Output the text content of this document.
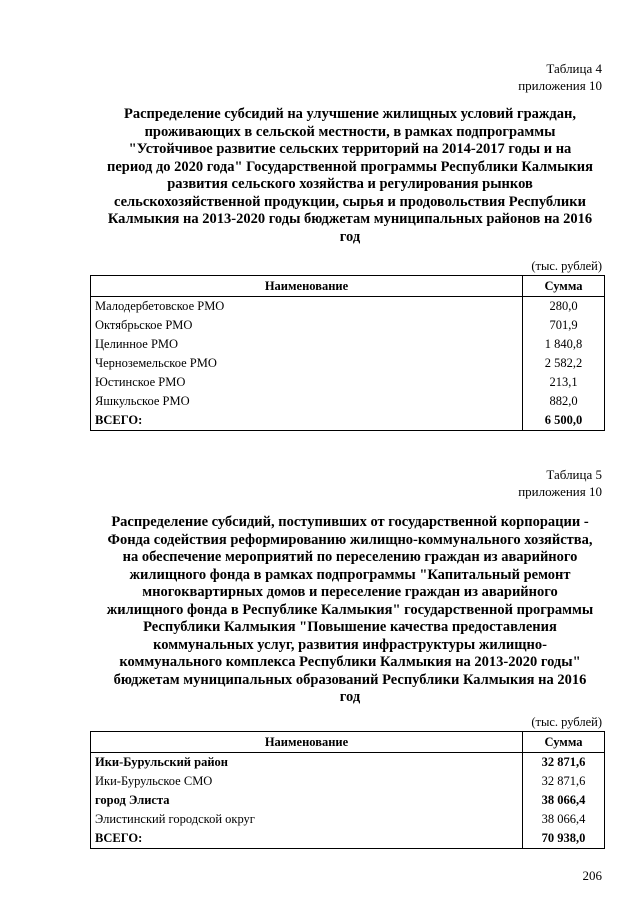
Таблица 4
приложения 10
Распределение субсидий на улучшение жилищных условий граждан,
проживающих в сельской местности, в рамках подпрограммы
"Устойчивое развитие сельских территорий на 2014-2017 годы и на
период до 2020 года" Государственной программы Республики Калмыкия
развития сельского хозяйства и регулирования рынков
сельскохозяйственной продукции, сырья и продовольствия Республики
Калмыкия на 2013-2020 годы бюджетам муниципальных районов на 2016
год
(тыс. рублей)
Наименование	Сумма
Малодербетовское РМО	280,0
Октябрьское РМО	701,9
Целинное РМО	1 840,8
Черноземельское РМО	2 582,2
Юстинское РМО	213,1
Яшкульское РМО	882,0
ВСЕГО:	6 500,0
Таблица 5
приложения 10
Распределение субсидий, поступивших от государственной корпорации -
Фонда содействия реформированию жилищно-коммунального хозяйства,
на обеспечение мероприятий по переселению граждан из аварийного
жилищного фонда в рамках подпрограммы "Капитальный ремонт
многоквартирных домов и переселение граждан из аварийного
жилищного фонда в Республике Калмыкия" государственной программы
Республики Калмыкия "Повышение качества предоставления
коммунальных услуг, развития инфраструктуры жилищно-
коммунального комплекса Республики Калмыкия на 2013-2020 годы"
бюджетам муниципальных образований Республики Калмыкия на 2016
год
(тыс. рублей)
Наименование	Сумма
Ики-Бурульский район	32 871,6
Ики-Бурульское СМО	32 871,6
город Элиста	38 066,4
Элистинский городской округ	38 066,4
ВСЕГО:	70 938,0
206
